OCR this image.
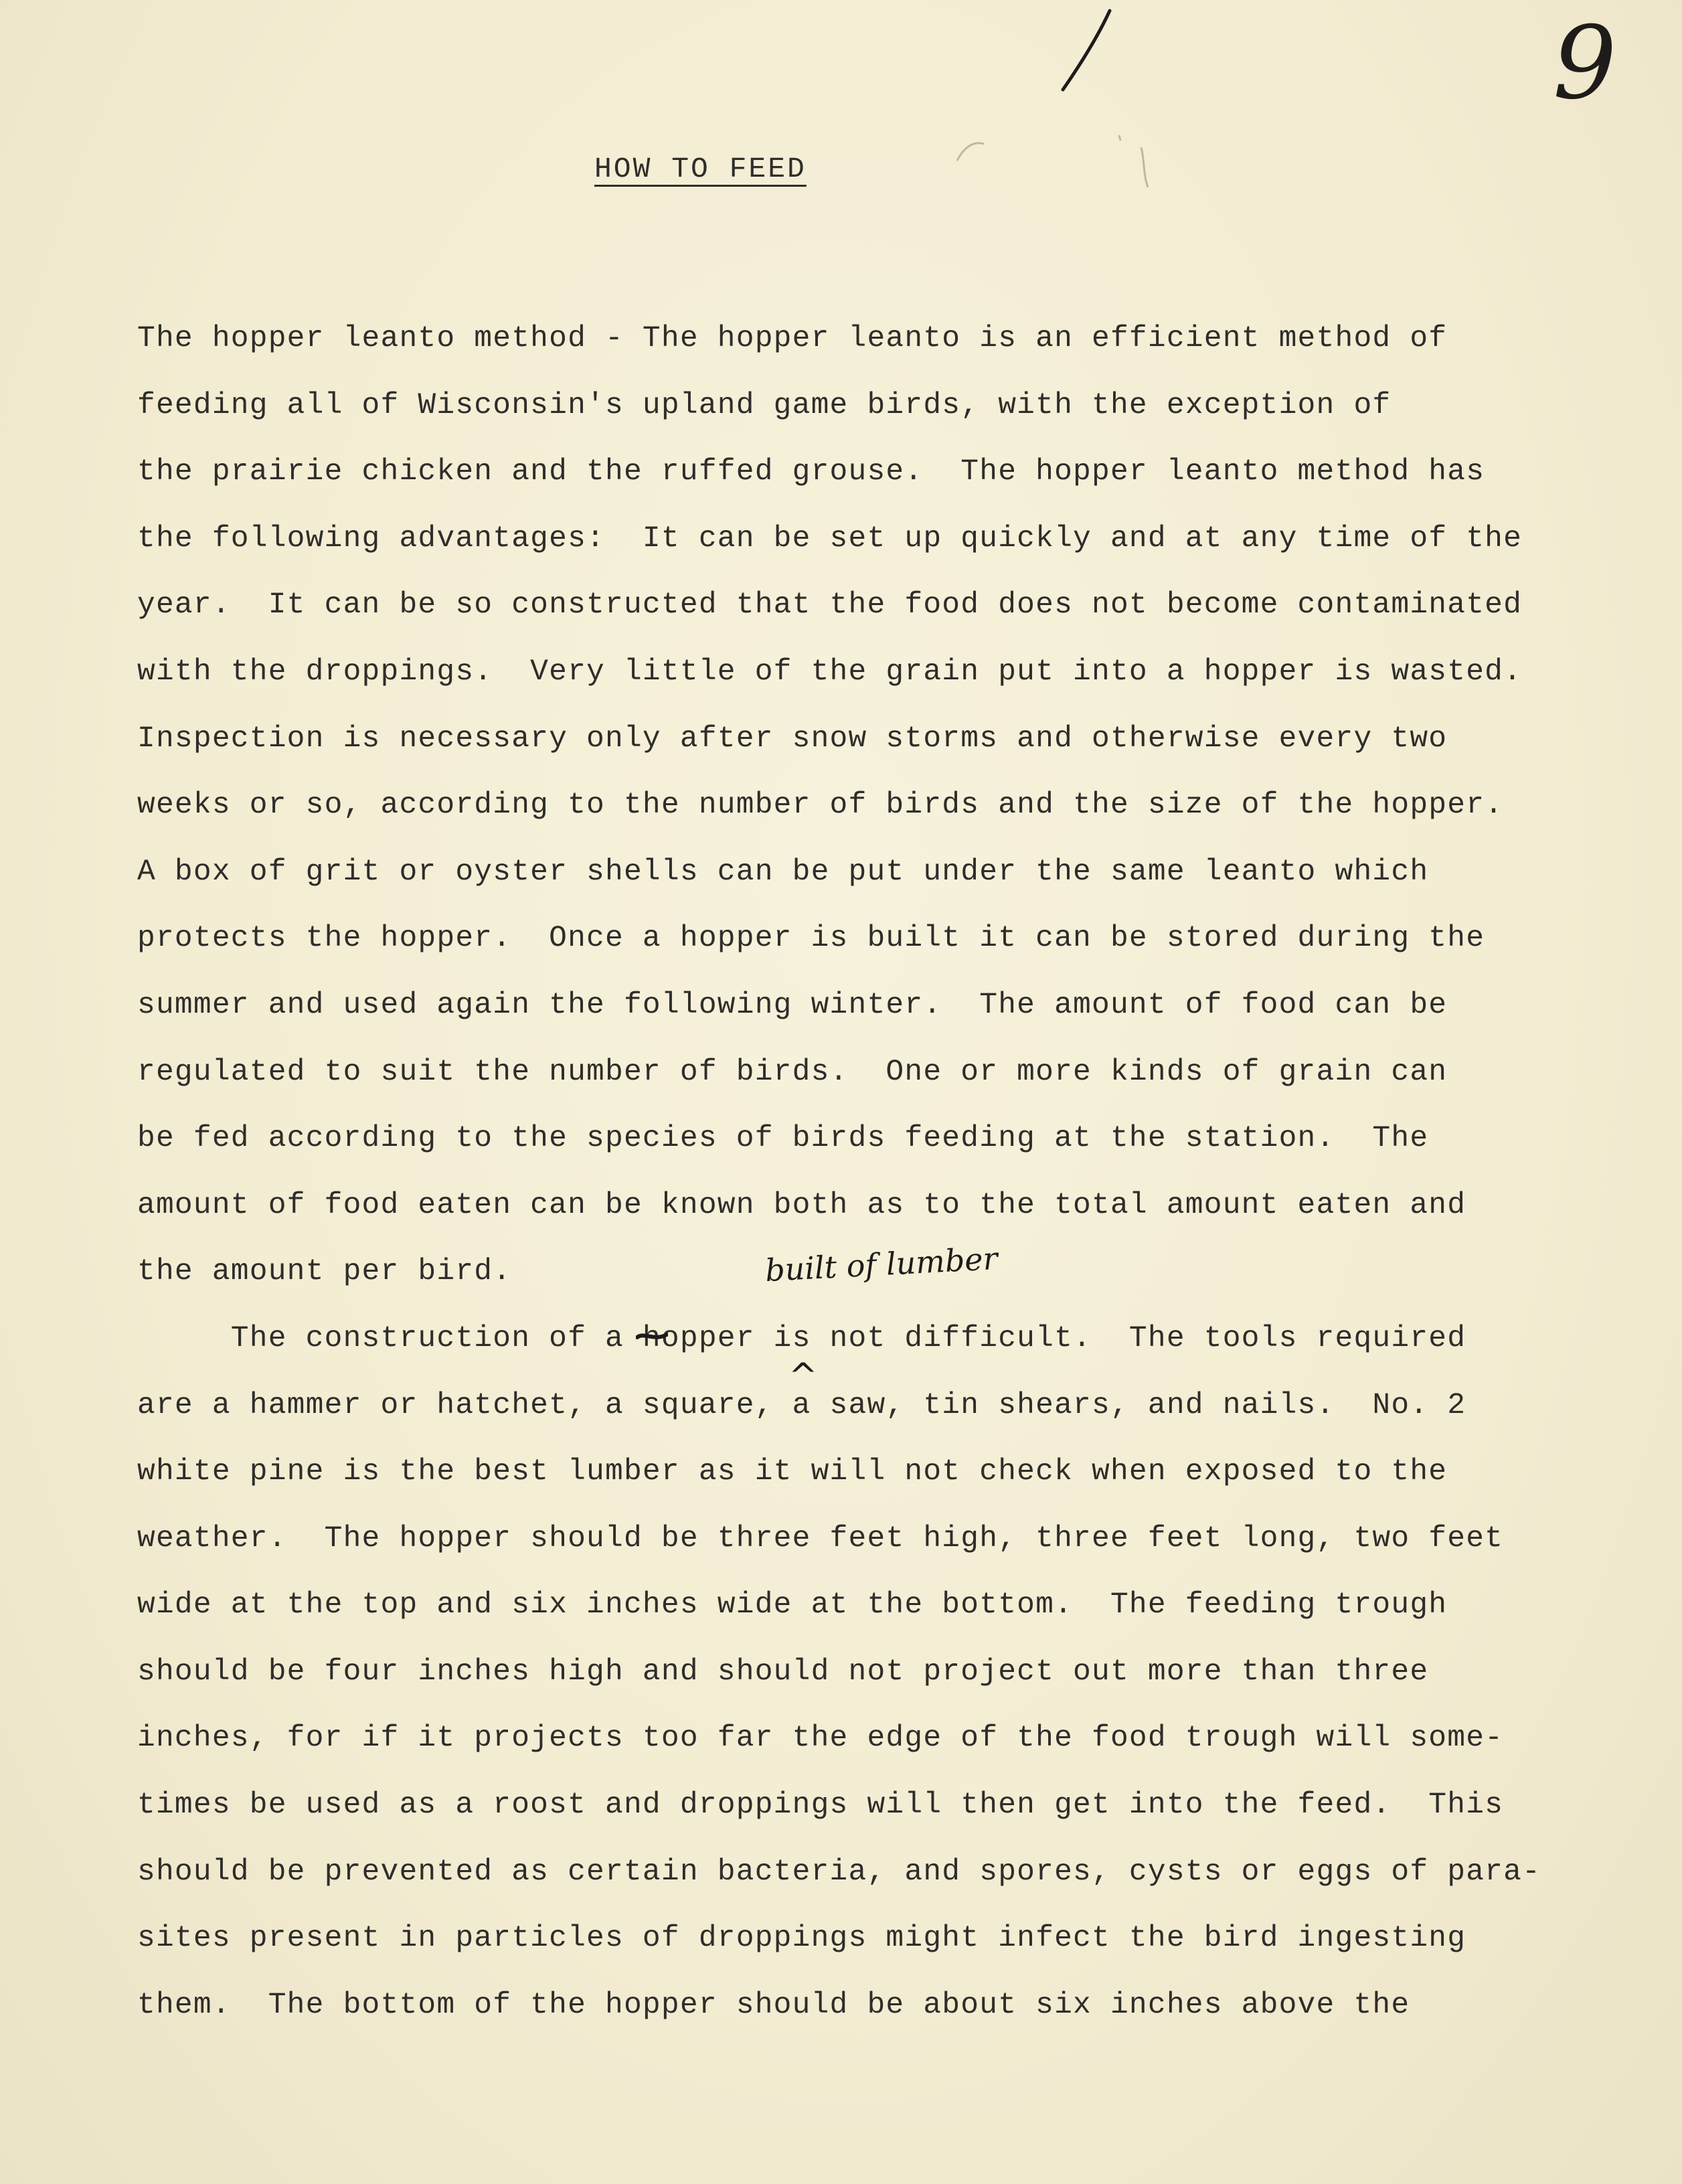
9
HOW TO FEED
The hopper leanto method - The hopper leanto is an efficient method of
feeding all of Wisconsin's upland game birds, with the exception of
the prairie chicken and the ruffed grouse.  The hopper leanto method has
the following advantages:  It can be set up quickly and at any time of the
year.  It can be so constructed that the food does not become contaminated
with the droppings.  Very little of the grain put into a hopper is wasted.
Inspection is necessary only after snow storms and otherwise every two
weeks or so, according to the number of birds and the size of the hopper.
A box of grit or oyster shells can be put under the same leanto which
protects the hopper.  Once a hopper is built it can be stored during the
summer and used again the following winter.  The amount of food can be
regulated to suit the number of birds.  One or more kinds of grain can
be fed according to the species of birds feeding at the station.  The
amount of food eaten can be known both as to the total amount eaten and
the amount per bird.
The construction of a hopper is not difficult.  The tools required
are a hammer or hatchet, a square, a saw, tin shears, and nails.  No. 2
white pine is the best lumber as it will not check when exposed to the
weather.  The hopper should be three feet high, three feet long, two feet
wide at the top and six inches wide at the bottom.  The feeding trough
should be four inches high and should not project out more than three
inches, for if it projects too far the edge of the food trough will some-
times be used as a roost and droppings will then get into the feed.  This
should be prevented as certain bacteria, and spores, cysts or eggs of para-
sites present in particles of droppings might infect the bird ingesting
them.  The bottom of the hopper should be about six inches above the
built of lumber
^
